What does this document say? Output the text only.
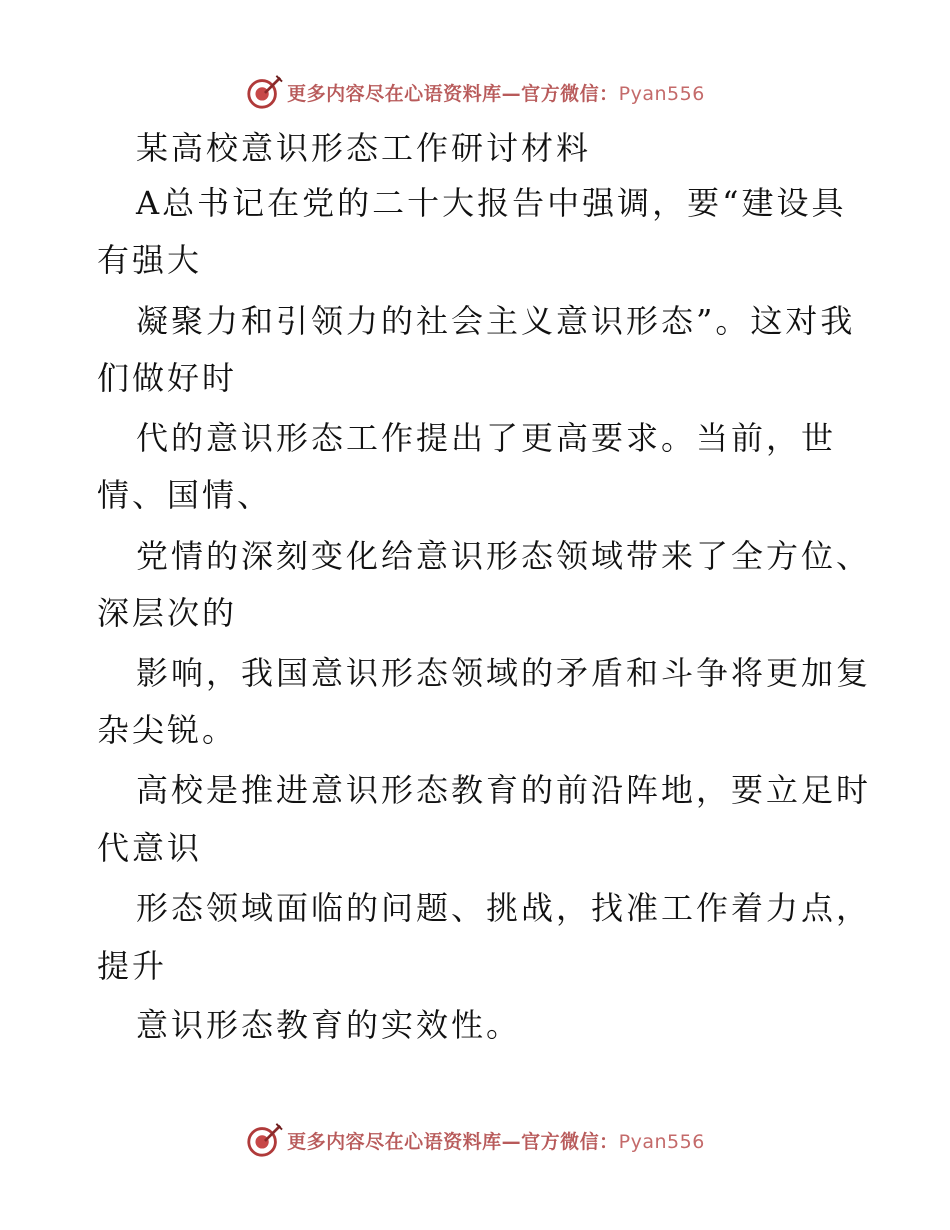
更多内容尽在心语资料库—官方微信：Pyan556
某高校意识形态工作研讨材料
A总书记在党的二十大报告中强调，要“建设具
有强大
凝聚力和引领力的社会主义意识形态”。这对我
们做好时
代的意识形态工作提出了更高要求。当前，世
情、国情、
党情的深刻变化给意识形态领域带来了全方位、
深层次的
影响，我国意识形态领域的矛盾和斗争将更加复
杂尖锐。
高校是推进意识形态教育的前沿阵地，要立足时
代意识
形态领域面临的问题、挑战，找准工作着力点，
提升
意识形态教育的实效性。
更多内容尽在心语资料库—官方微信：Pyan556
